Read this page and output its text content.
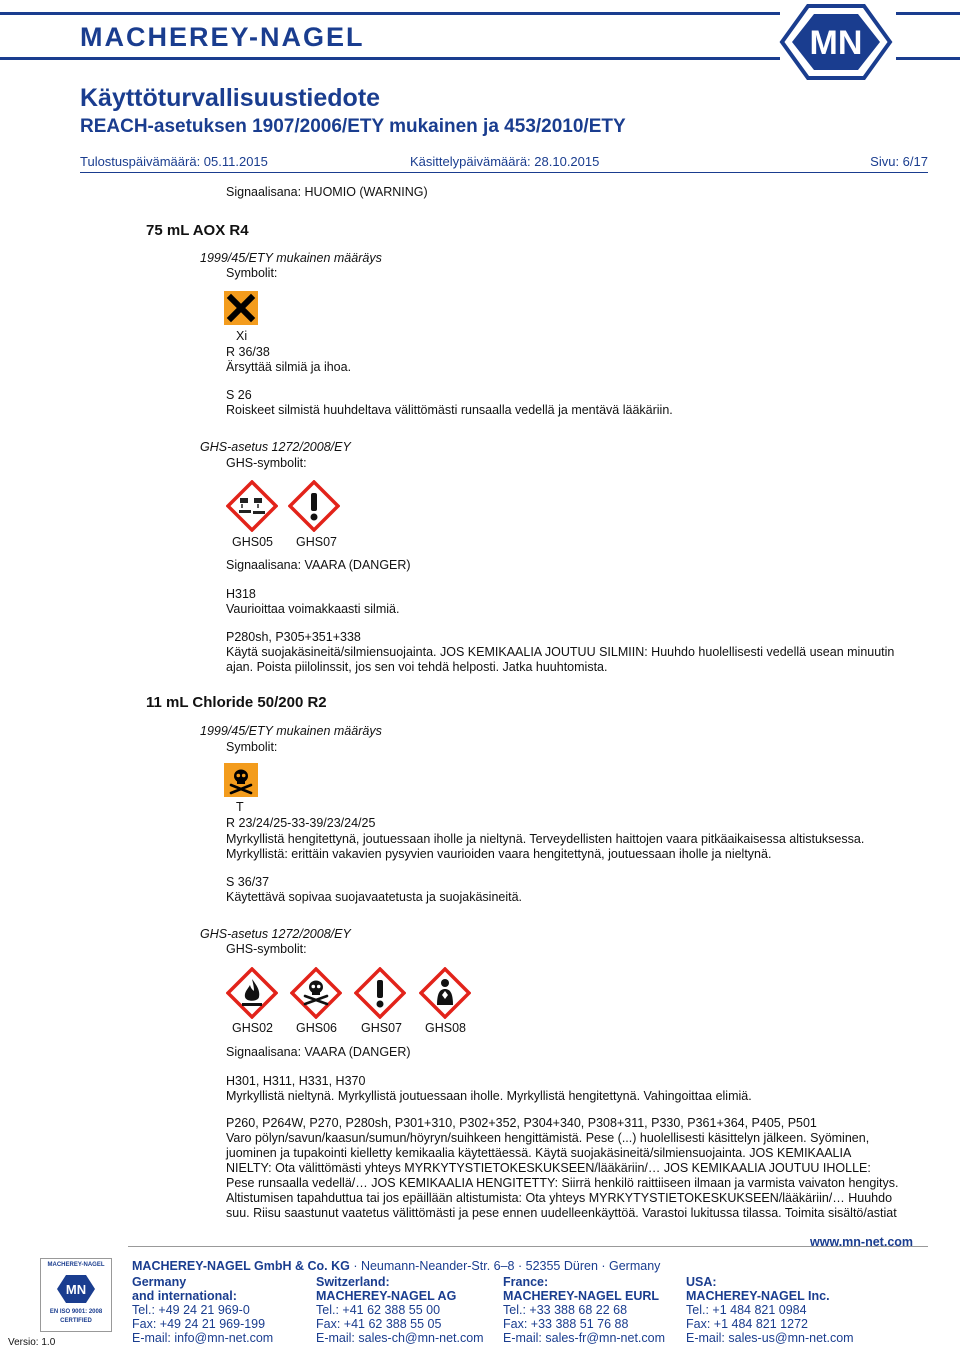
MACHEREY-NAGEL	MN
Käyttöturvallisuustiedote
REACH-asetuksen 1907/2006/ETY mukainen ja 453/2010/ETY
Tulostuspäivämäärä: 05.11.2015	Käsittelypäivämäärä: 28.10.2015	Sivu: 6/17
Signaalisana: HUOMIO (WARNING)
75 mL AOX R4
1999/45/ETY mukainen määräys
Symbolit:
Xi
R 36/38
Ärsyttää silmiä ja ihoa.
S 26
Roiskeet silmistä huuhdeltava välittömästi runsaalla vedellä ja mentävä lääkäriin.
GHS-asetus 1272/2008/EY
GHS-symbolit:
GHS05 GHS07
Signaalisana: VAARA (DANGER)
H318
Vaurioittaa voimakkaasti silmiä.
P280sh, P305+351+338
Käytä suojakäsineitä/silmiensuojainta. JOS KEMIKAALIA JOUTUU SILMIIN: Huuhdo huolellisesti vedellä usean minuutin
ajan. Poista piilolinssit, jos sen voi tehdä helposti. Jatka huuhtomista.
11 mL Chloride 50/200 R2
1999/45/ETY mukainen määräys
Symbolit:
T
R 23/24/25-33-39/23/24/25
Myrkyllistä hengitettynä, joutuessaan iholle ja nieltynä. Terveydellisten haittojen vaara pitkäaikaisessa altistuksessa.
Myrkyllistä: erittäin vakavien pysyvien vaurioiden vaara hengitettynä, joutuessaan iholle ja nieltynä.
S 36/37
Käytettävä sopivaa suojavaatetusta ja suojakäsineitä.
GHS-asetus 1272/2008/EY
GHS-symbolit:
GHS02 GHS06 GHS07 GHS08
Signaalisana: VAARA (DANGER)
H301, H311, H331, H370
Myrkyllistä nieltynä. Myrkyllistä joutuessaan iholle. Myrkyllistä hengitettynä. Vahingoittaa elimiä.
P260, P264W, P270, P280sh, P301+310, P302+352, P304+340, P308+311, P330, P361+364, P405, P501
Varo pölyn/savun/kaasun/sumun/höyryn/suihkeen hengittämistä. Pese (...) huolellisesti käsittelyn jälkeen. Syöminen,
juominen ja tupakointi kielletty kemikaalia käytettäessä. Käytä suojakäsineitä/silmiensuojainta. JOS KEMIKAALIA
NIELTY: Ota välittömästi yhteys MYRKYTYSTIETOKESKUKSEEN/lääkäriin/… JOS KEMIKAALIA JOUTUU IHOLLE:
Pese runsaalla vedellä/… JOS KEMIKAALIA HENGITETTY: Siirrä henkilö raittiiseen ilmaan ja varmista vaivaton hengitys.
Altistumisen tapahduttua tai jos epäillään altistumista: Ota yhteys MYRKYTYSTIETOKESKUKSEEN/lääkäriin/… Huuhdo
suu. Riisu saastunut vaatetus välittömästi ja pese ennen uudelleenkäyttöä. Varastoi lukitussa tilassa. Toimita sisältö/astiat
MACHEREY-NAGEL GmbH & Co. KG · Neumann-Neander-Str. 6–8 · 52355 Düren · Germany
www.mn-net.com
MACHEREY-NAGEL
MN
EN ISO 9001: 2008
CERTIFIED
Versio: 1.0
Germany
and international:
Tel.: +49 24 21 969-0
Fax: +49 24 21 969-199
E-mail: info@mn-net.com
Switzerland:
MACHEREY-NAGEL AG
Tel.: +41 62 388 55 00
Fax: +41 62 388 55 05
E-mail: sales-ch@mn-net.com
France:
MACHEREY-NAGEL EURL
Tel.: +33 388 68 22 68
Fax: +33 388 51 76 88
E-mail: sales-fr@mn-net.com
USA:
MACHEREY-NAGEL Inc.
Tel.: +1 484 821 0984
Fax: +1 484 821 1272
E-mail: sales-us@mn-net.com
